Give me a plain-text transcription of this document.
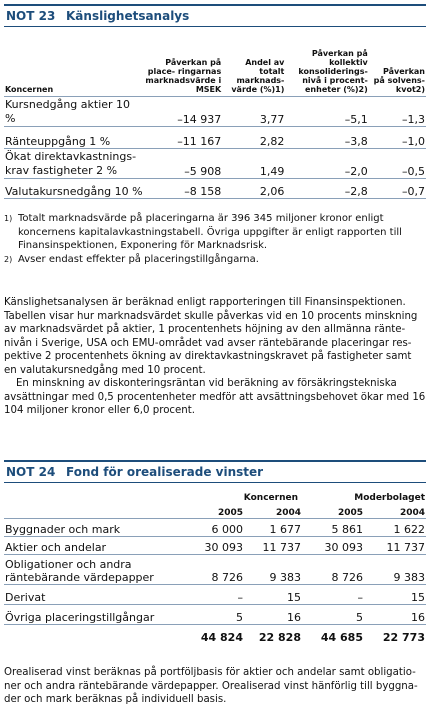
NOT 23 Känslighetsanalys
Koncernen	Påverkan på place- ringarnas marknadsvärde i MSEK	Andel av totalt marknads- värde (%)1)	Påverkan på kollektiv konsoliderings- nivå i procent- enheter (%)2)	Påverkan på solvens- kvot2)
Kursnedgång aktier 10 %	–14 937	3,77	–5,1	–1,3
Ränteuppgång 1 %	–11 167	2,82	–3,8	–1,0
Ökat direktavkastnings- krav fastigheter 2 %	–5 908	1,49	–2,0	–0,5
Valutakursnedgång 10 %	–8 158	2,06	–2,8	–0,7
1) Totalt marknadsvärde på placeringarna är 396 345 miljoner kronor enligt koncernens kapitalavkastningstabell. Övriga uppgifter är enligt rapporten till Finansinspektionen, Exponering för Marknadsrisk.
2) Avser endast effekter på placeringstillgångarna.

Känslighetsanalysen är beräknad enligt rapporteringen till Finansinspektionen. Tabellen visar hur marknadsvärdet skulle påverkas vid en 10 procents minskning av marknadsvärdet på aktier, 1 procentenhets höjning av den allmänna ränte- nivån i Sverige, USA och EMU-området vad avser räntebärande placeringar res- pektive 2 procentenhets ökning av direktavkastningskravet på fastigheter samt en valutakursnedgång med 10 procent.

En minskning av diskonteringsräntan vid beräkning av försäkringstekniska avsättningar med 0,5 procentenheter medför att avsättningsbehovet ökar med 16 104 miljoner kronor eller 6,0 procent.

NOT 24 Fond för orealiserade vinster
	Koncernen		Moderbolaget	
	2005	2004	2005	2004
Byggnader och mark	6 000	1 677	5 861	1 622
Aktier och andelar	30 093	11 737	30 093	11 737
Obligationer och andra räntebärande värdepapper	8 726	9 383	8 726	9 383
Derivat	–	15	–	15
Övriga placeringstillgångar	5	16	5	16
	44 824	22 828	44 685	22 773

Orealiserad vinst beräknas på portföljbasis för aktier och andelar samt obligatio- ner och andra räntebärande värdepapper. Orealiserad vinst hänförlig till byggna- der och mark beräknas på individuell basis.
